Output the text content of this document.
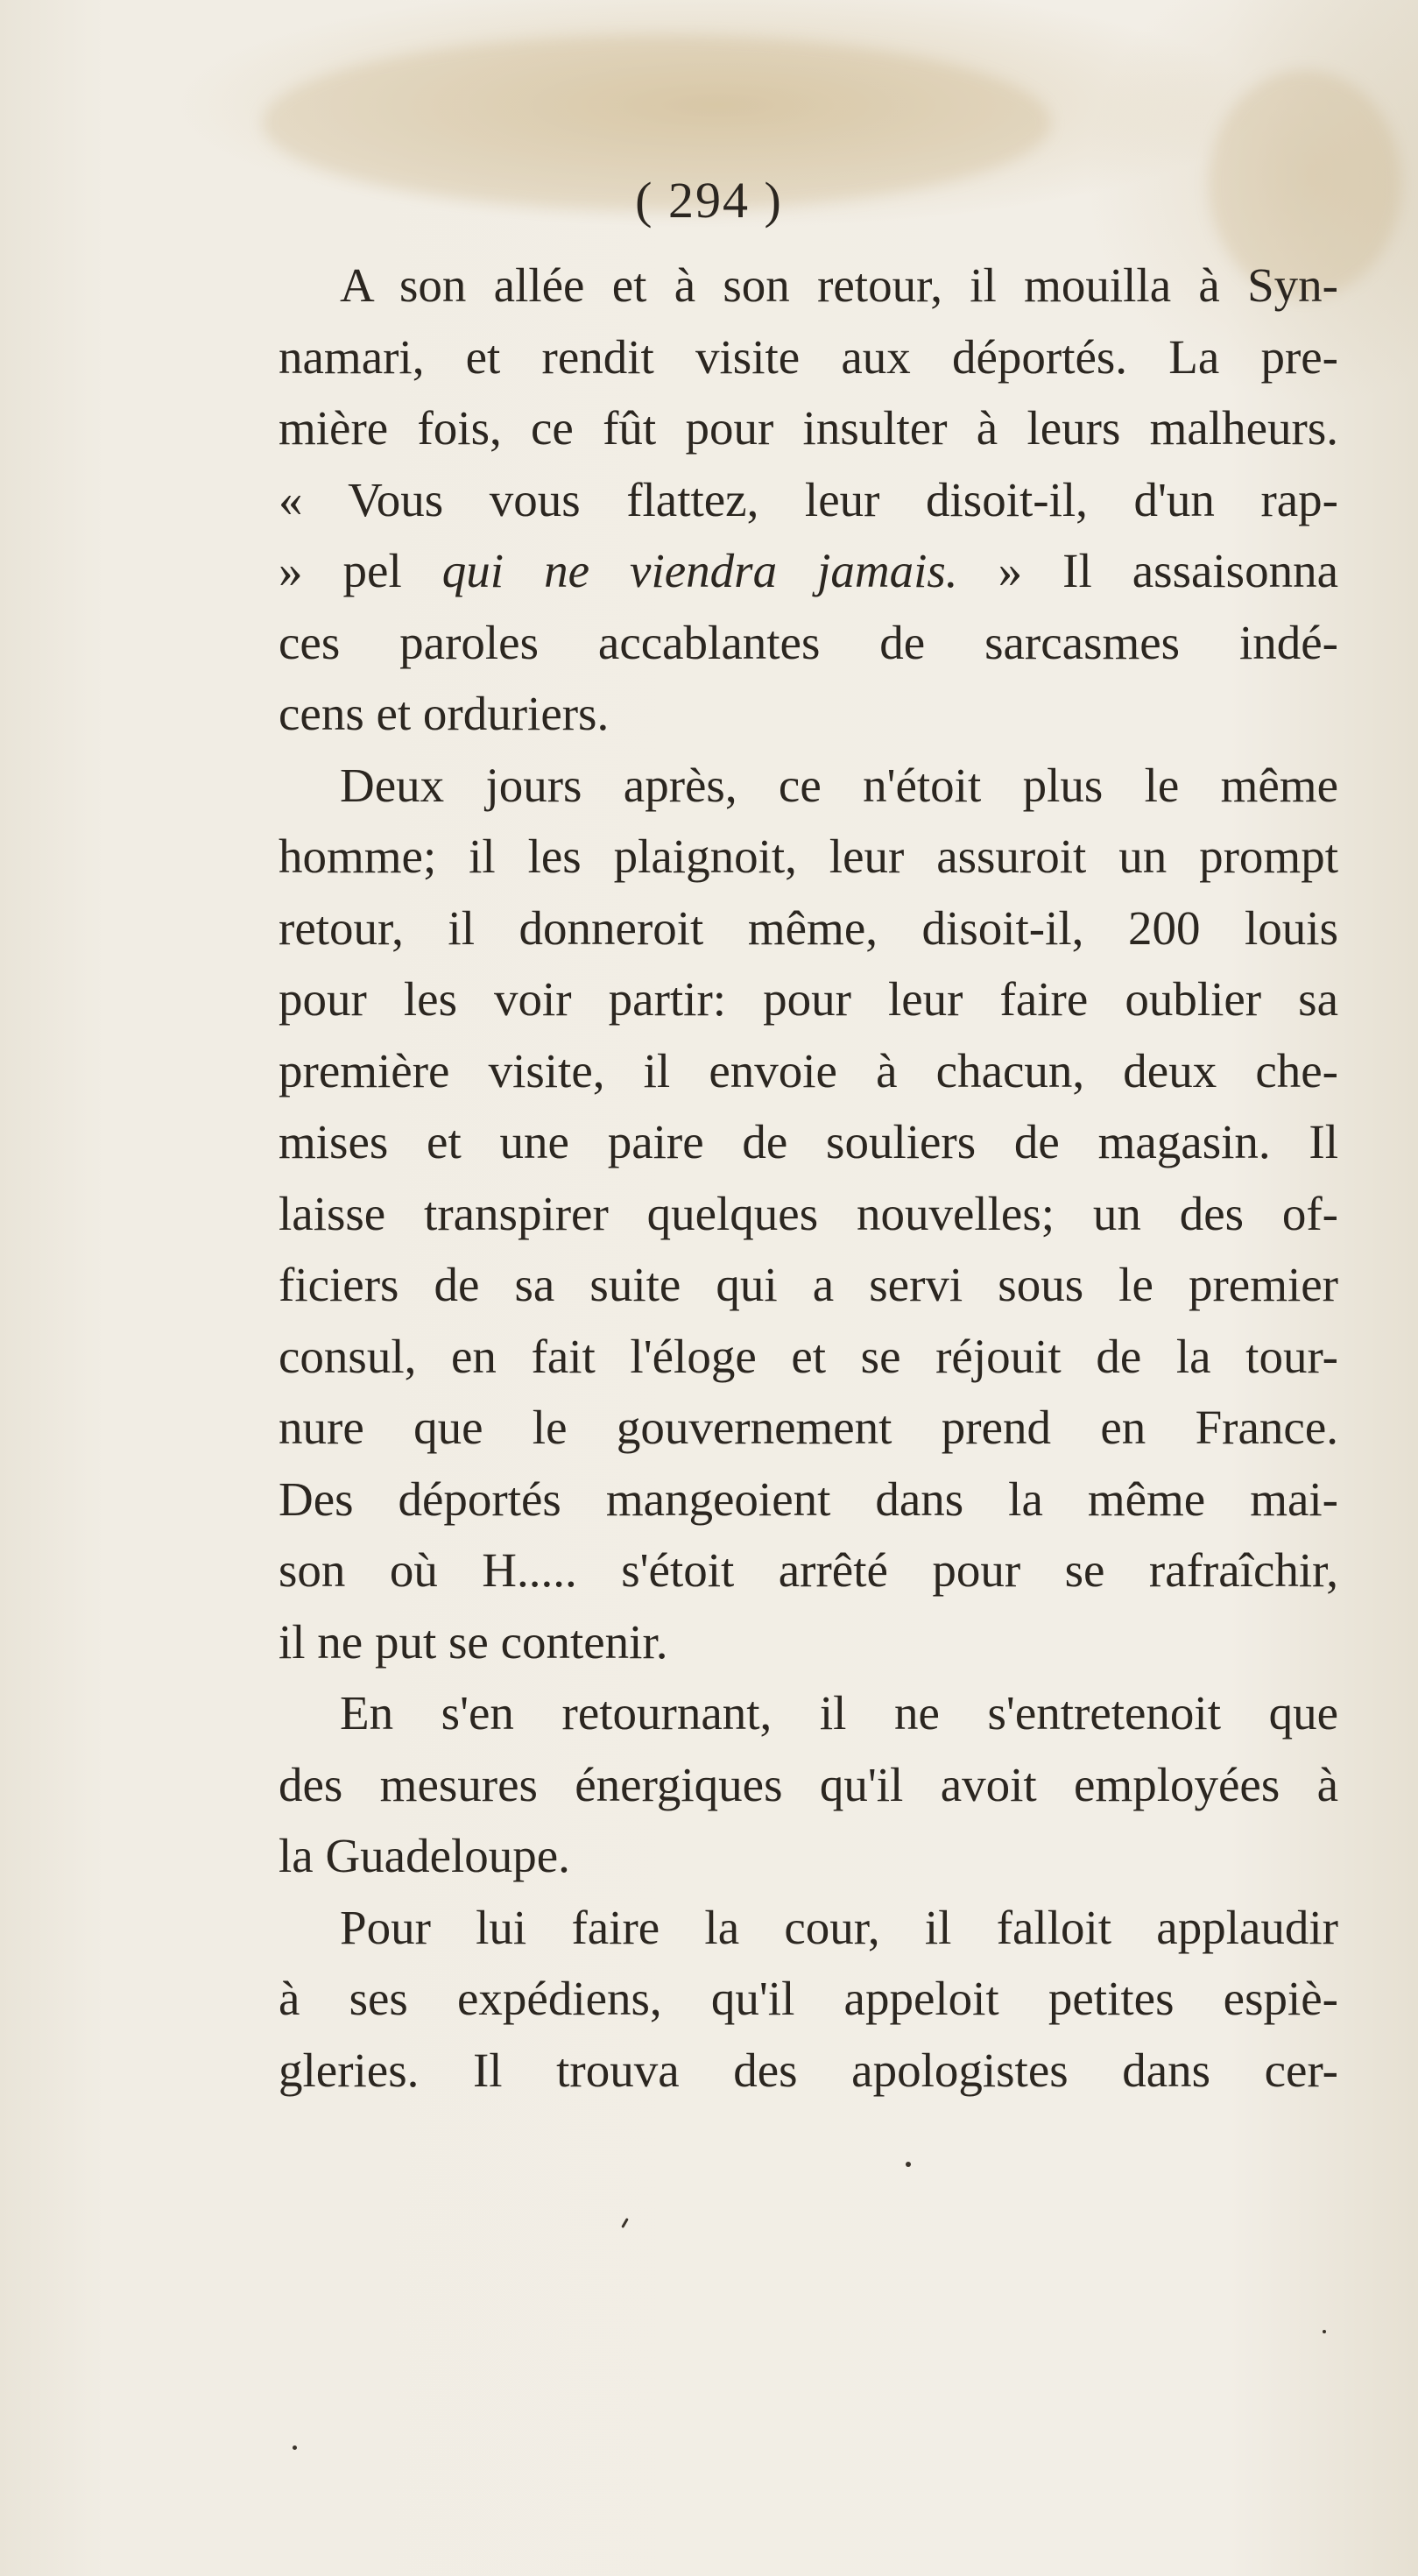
( 294 )
A son allée et à son retour, il mouilla à Syn-
namari, et rendit visite aux déportés. La pre-
mière fois, ce fût pour insulter à leurs malheurs.
« Vous vous flattez, leur disoit-il, d'un rap-
» pel qui ne viendra jamais. » Il assaisonna
ces paroles accablantes de sarcasmes indé-
cens et orduriers.
Deux jours après, ce n'étoit plus le même
homme; il les plaignoit, leur assuroit un prompt
retour, il donneroit même, disoit-il, 200 louis
pour les voir partir: pour leur faire oublier sa
première visite, il envoie à chacun, deux che-
mises et une paire de souliers de magasin. Il
laisse transpirer quelques nouvelles; un des of-
ficiers de sa suite qui a servi sous le premier
consul, en fait l'éloge et se réjouit de la tour-
nure que le gouvernement prend en France.
Des déportés mangeoient dans la même mai-
son où H..... s'étoit arrêté pour se rafraîchir,
il ne put se contenir.
En s'en retournant, il ne s'entretenoit que
des mesures énergiques qu'il avoit employées à
la Guadeloupe.
Pour lui faire la cour, il falloit applaudir
à ses expédiens, qu'il appeloit petites espiè-
gleries. Il trouva des apologistes dans cer-
